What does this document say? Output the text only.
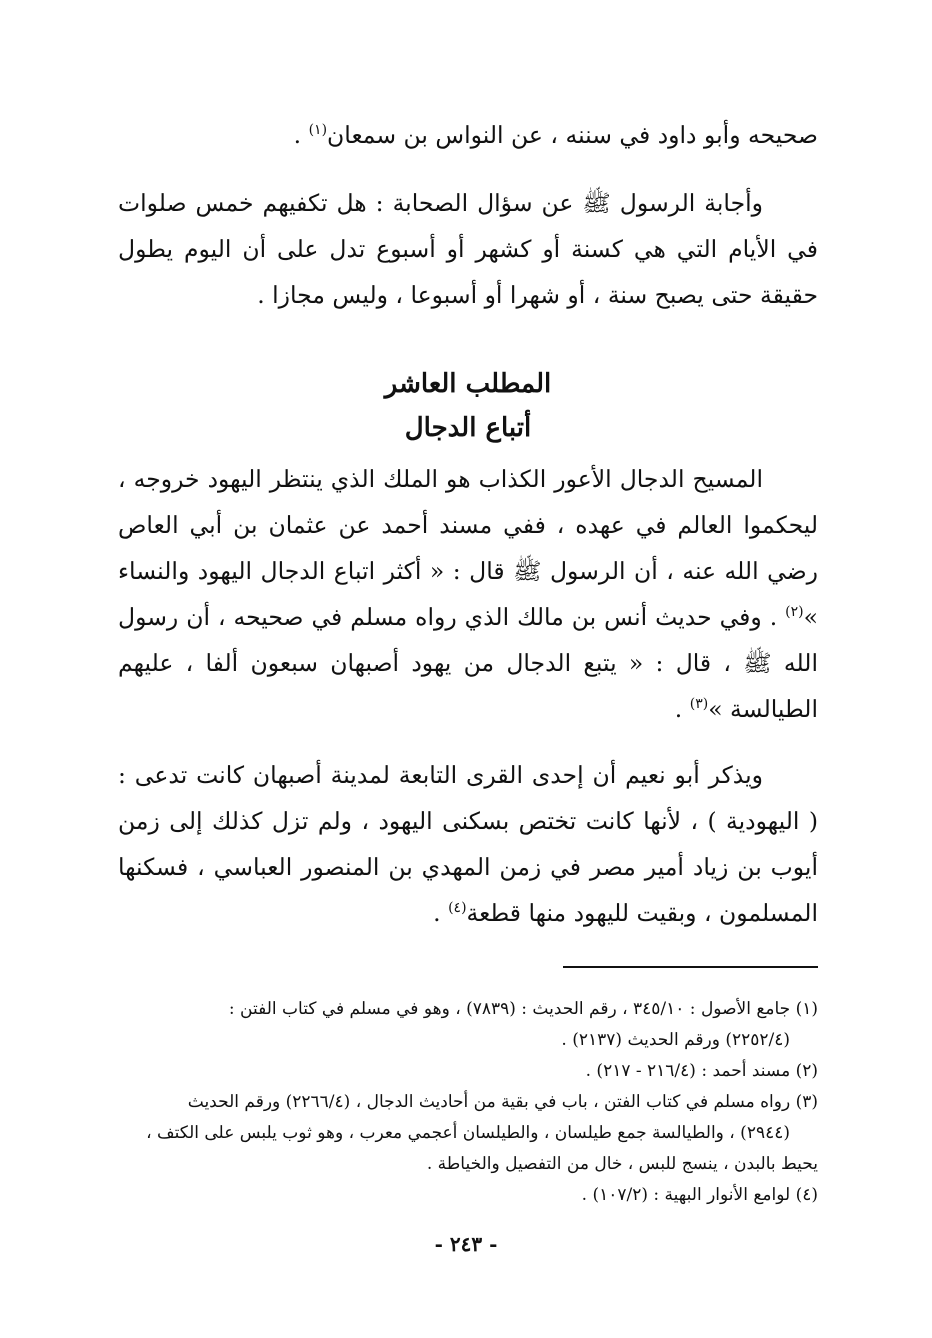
صحيحه وأبو داود في سننه ، عن النواس بن سمعان$^{(١)}$ .

وأجابة الرسول ﷺ عن سؤال الصحابة : هل تكفيهم خمس صلوات في الأيام التي هي كسنة أو كشهر أو أسبوع تدل على أن اليوم يطول حقيقة حتى يصبح سنة ، أو شهرا أو أسبوعا ، وليس مجازا .

المطلب العاشر

أتباع الدجال

المسيح الدجال الأعور الكذاب هو الملك الذي ينتظر اليهود خروجه ، ليحكموا العالم في عهده ، ففي مسند أحمد عن عثمان بن أبي العاص رضي الله عنه ، أن الرسول ﷺ قال : « أكثر اتباع الدجال اليهود والنساء »$^{(٢)}$ . وفي حديث أنس بن مالك الذي رواه مسلم في صحيحه ، أن رسول الله ﷺ ، قال : « يتبع الدجال من يهود أصبهان سبعون ألفا ، عليهم الطيالسة »$^{(٣)}$ .

ويذكر أبو نعيم أن إحدى القرى التابعة لمدينة أصبهان كانت تدعى : ( اليهودية ) ، لأنها كانت تختص بسكنى اليهود ، ولم تزل كذلك إلى زمن أيوب بن زياد أمير مصر في زمن المهدي بن المنصور العباسي ، فسكنها المسلمون ، وبقيت لليهود منها قطعة$^{(٤)}$ .

(١) جامع الأصول : ٣٤٥/١٠ ، رقم الحديث : (٧٨٣٩) ، وهو في مسلم في كتاب الفتن :

(٢٢٥٢/٤) ورقم الحديث (٢١٣٧) .

(٢) مسند أحمد : (٢١٦/٤ - ٢١٧) .

(٣) رواه مسلم في كتاب الفتن ، باب في بقية من أحاديث الدجال ، (٢٢٦٦/٤) ورقم الحديث

(٢٩٤٤) ، والطيالسة جمع طيلسان ، والطيلسان أعجمي معرب ، وهو ثوب يلبس على الكتف ،

يحيط بالبدن ، ينسج للبس ، خال من التفصيل والخياطة .

(٤) لوامع الأنوار البهية : (١٠٧/٢) .

- ٢٤٣ -
